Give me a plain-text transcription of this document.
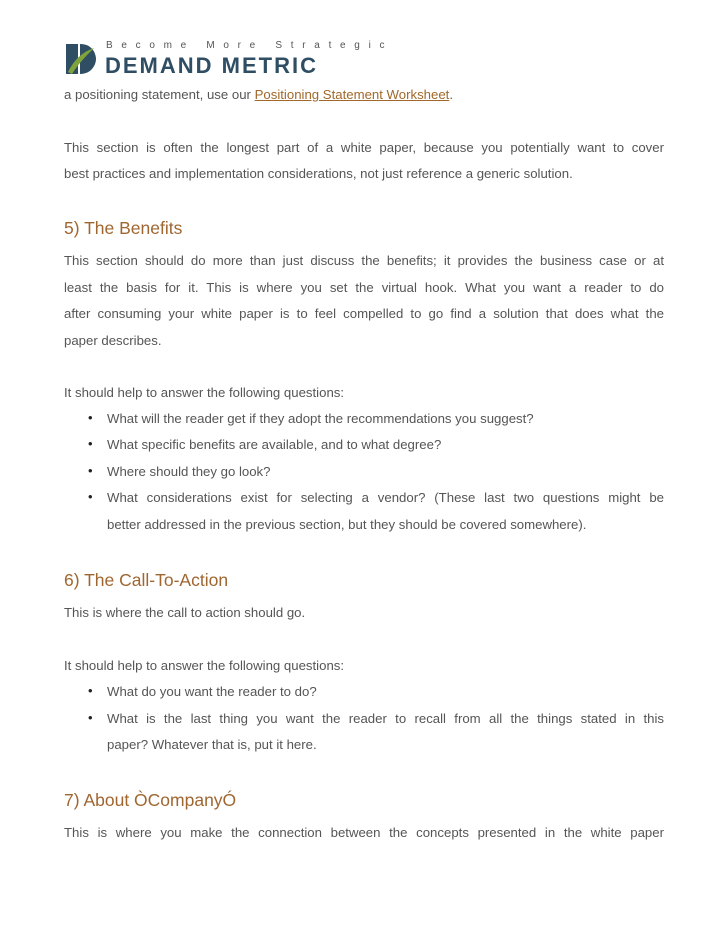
Become More Strategic
DEMAND METRIC
a positioning statement, use our Positioning Statement Worksheet.
This section is often the longest part of a white paper, because you potentially want to cover
best practices and implementation considerations, not just reference a generic solution.
5) The Benefits
This section should do more than just discuss the benefits; it provides the business case or at
least the basis for it. This is where you set the virtual hook. What you want a reader to do
after consuming your white paper is to feel compelled to go find a solution that does what the
paper describes.
It should help to answer the following questions:
• What will the reader get if they adopt the recommendations you suggest?
• What specific benefits are available, and to what degree?
• Where should they go look?
• What considerations exist for selecting a vendor? (These last two questions might be
better addressed in the previous section, but they should be covered somewhere).
6) The Call-To-Action
This is where the call to action should go.
It should help to answer the following questions:
• What do you want the reader to do?
• What is the last thing you want the reader to recall from all the things stated in this
paper? Whatever that is, put it here.
7) About ÒCompanyÓ
This is where you make the connection between the concepts presented in the white paper
